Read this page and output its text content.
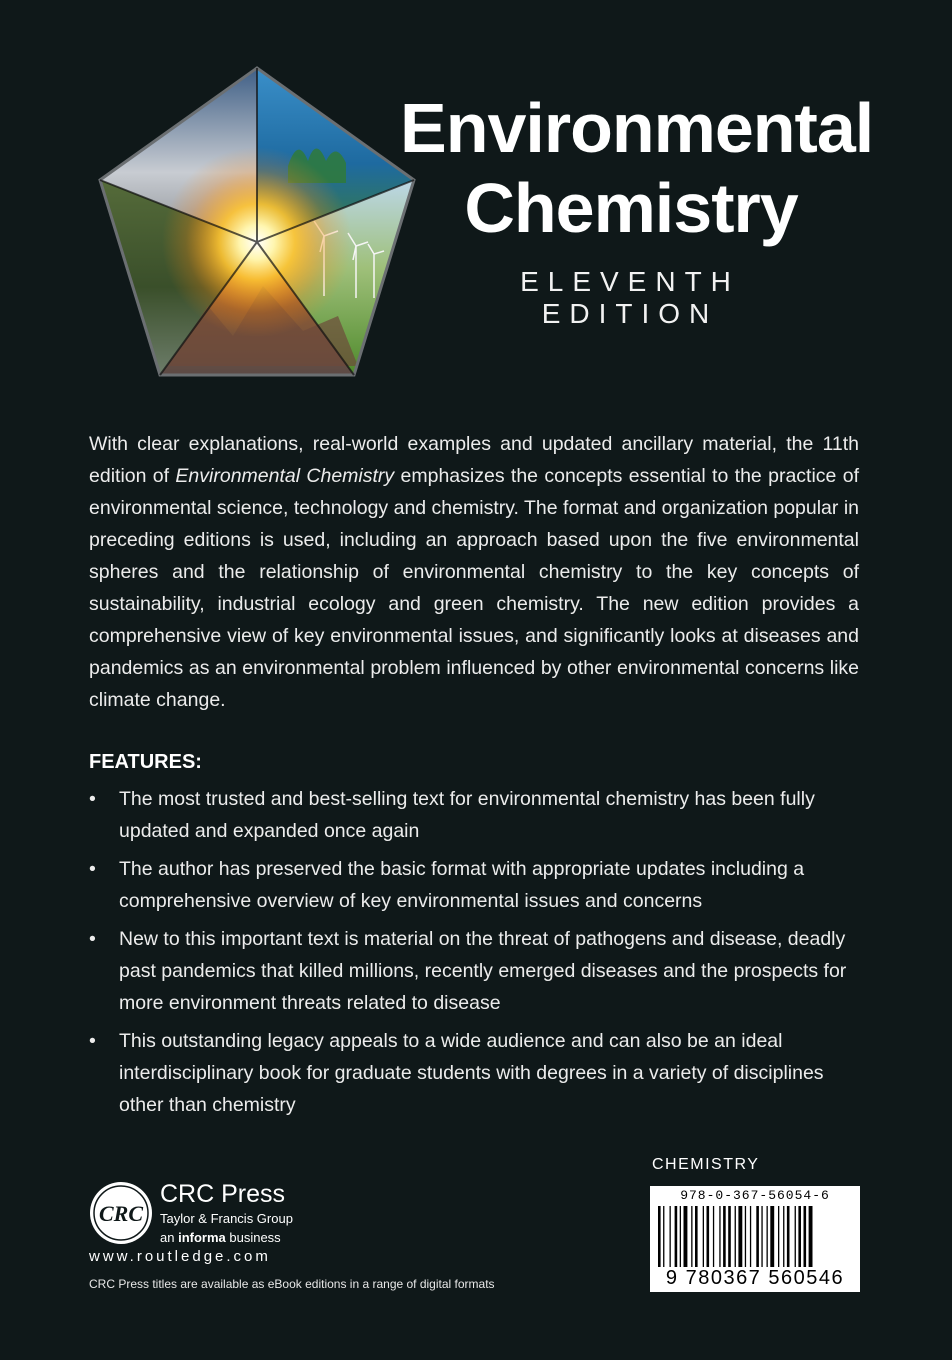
Environmental
Chemistry
ELEVENTH EDITION
With clear explanations, real-world examples and updated ancillary material, the 11th edition of Environmental Chemistry emphasizes the concepts essential to the practice of environmental science, technology and chemistry. The format and organization popular in preceding editions is used, including an approach based upon the five environmental spheres and the relationship of environmental chemistry to the key concepts of sustainability, industrial ecology and green chemistry. The new edition provides a comprehensive view of key environmental issues, and significantly looks at diseases and pandemics as an environmental problem influenced by other environmental concerns like climate change.
FEATURES:
• The most trusted and best-selling text for environmental chemistry has been fully updated and expanded once again
• The author has preserved the basic format with appropriate updates including a comprehensive overview of key environmental issues and concerns
• New to this important text is material on the threat of pathogens and disease, deadly past pandemics that killed millions, recently emerged diseases and the prospects for more environment threats related to disease
• This outstanding legacy appeals to a wide audience and can also be an ideal interdisciplinary book for graduate students with degrees in a variety of disciplines other than chemistry
CRC
CRC Press
Taylor & Francis Group
an informa business
www.routledge.com
CRC Press titles are available as eBook editions in a range of digital formats
CHEMISTRY
978-0-367-56054-6
9 780367 560546
